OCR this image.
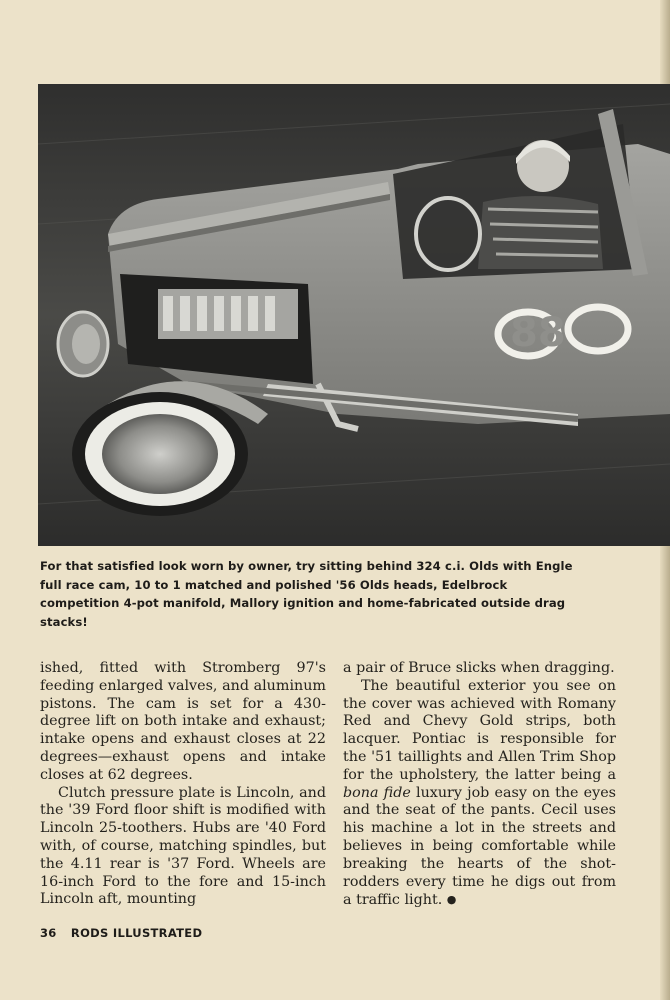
88
For that satisfied look worn by owner, try sitting behind 324 c.i. Olds with Engle full race cam, 10 to 1 matched and polished '56 Olds heads, Edelbrock competition 4-pot manifold, Mallory ignition and home-fabricated outside drag stacks!

ished, fitted with Stromberg 97's feeding enlarged valves, and aluminum pistons. The cam is set for a 430-degree lift on both intake and exhaust; intake opens and exhaust closes at 22 degrees—exhaust opens and intake closes at 62 degrees.

Clutch pressure plate is Lincoln, and the '39 Ford floor shift is modified with Lincoln 25-toothers. Hubs are '40 Ford with, of course, matching spindles, but the 4.11 rear is '37 Ford. Wheels are 16-inch Ford to the fore and 15-inch Lincoln aft, mounting

a pair of Bruce slicks when dragging.

The beautiful exterior you see on the cover was achieved with Romany Red and Chevy Gold strips, both lacquer. Pontiac is responsible for the '51 taillights and Allen Trim Shop for the upholstery, the latter being a bona fide luxury job easy on the eyes and the seat of the pants. Cecil uses his machine a lot in the streets and believes in being comfortable while breaking the hearts of the shot-rodders every time he digs out from a traffic light. ●

36 RODS ILLUSTRATED
